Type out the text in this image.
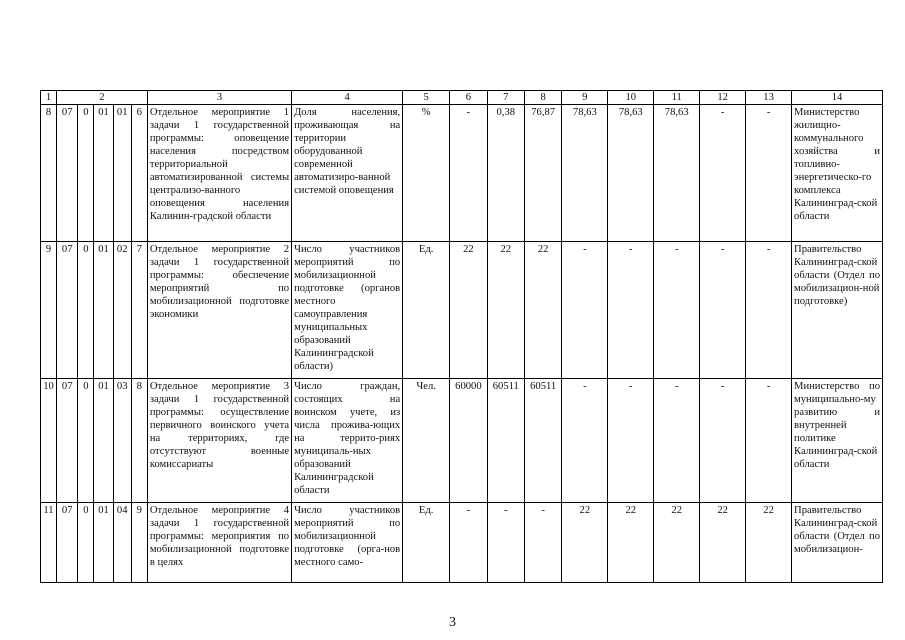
1	2					3	4	5	6	7	8	9	10	11	12	13	14
8	07	0	01	01	6	Отдельное мероприятие 1 задачи 1 государственной программы: оповещение населения посредством территориальной автоматизированной системы централизо-ванного оповещения населения Калинин-градской области	Доля населения, проживающая на территории оборудованной современной автоматизиро-ванной системой оповещения	%	-	0,38	76,87	78,63	78,63	78,63	-	-	Министерство жилищно-коммунального хозяйства и топливно-энергетическо-го комплекса Калининград-ской области
9	07	0	01	02	7	Отдельное мероприятие 2 задачи 1 государственной программы: обеспечение мероприятий по мобилизационной подготовке экономики	Число участников мероприятий по мобилизационной подготовке (органов местного самоуправления муниципальных образований Калининградской области)	Ед.	22	22	22	-	-	-	-	-	Правительство Калининград-ской области (Отдел по мобилизацион-ной подготовке)
10	07	0	01	03	8	Отдельное мероприятие 3 задачи 1 государственной программы: осуществление первичного воинского учета на территориях, где отсутствуют военные комиссариаты	Число граждан, состоящих на воинском учете, из числа прожива-ющих на террито-риях муниципаль-ных образований Калининградской области	Чел.	60000	60511	60511	-	-	-	-	-	Министерство по муниципально-му развитию и внутренней политике Калининград-ской области
11	07	0	01	04	9	Отдельное мероприятие 4 задачи 1 государственной программы: мероприятия по мобилизационной подготовке в целях	Число участников мероприятий по мобилизационной подготовке (орга-нов местного само-	Ед.	-	-	-	22	22	22	22	22	Правительство Калининград-ской области (Отдел по мобилизацион-
3
